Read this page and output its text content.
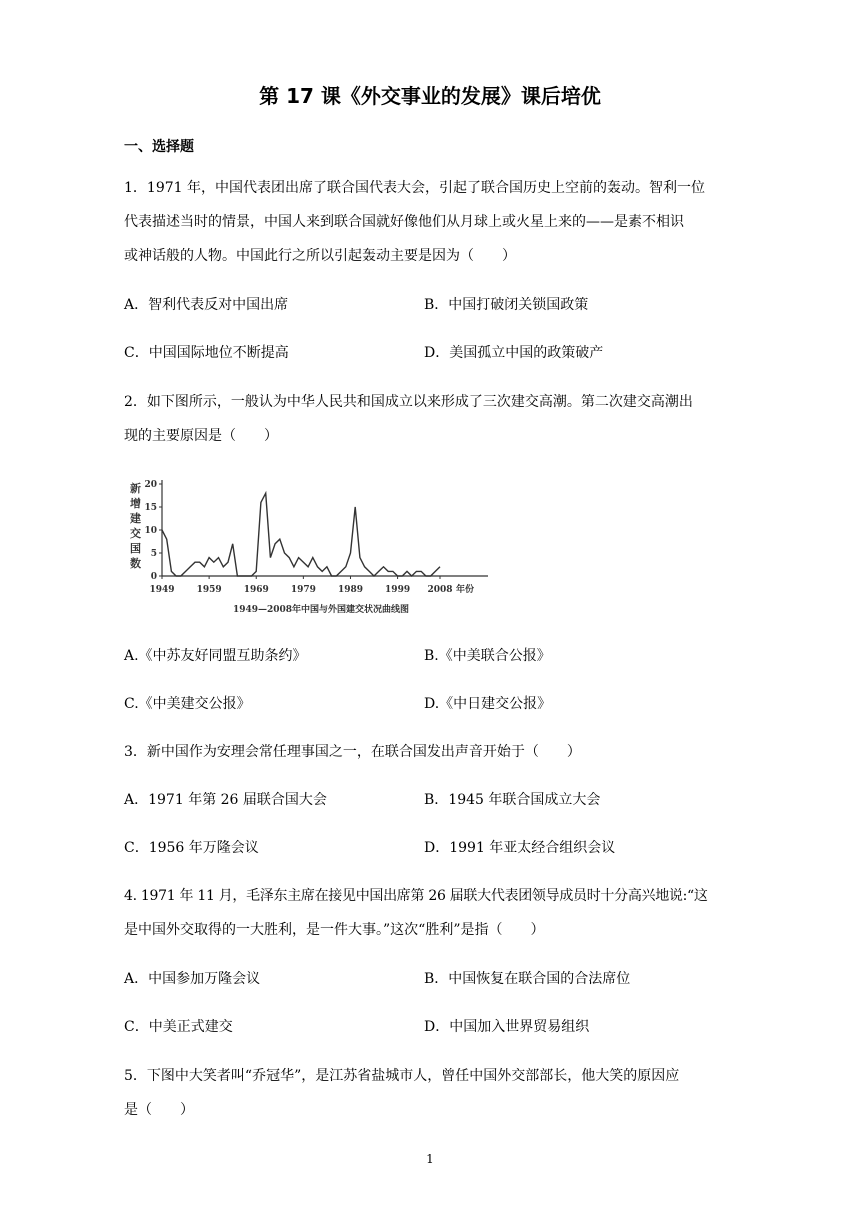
第 17 课《外交事业的发展》课后培优
一、选择题
1．1971 年，中国代表团出席了联合国代表大会，引起了联合国历史上空前的轰动。智利一位
代表描述当时的情景，中国人来到联合国就好像他们从月球上或火星上来的——是素不相识
或神话般的人物。中国此行之所以引起轰动主要是因为（　　）
A．智利代表反对中国出席	B．中国打破闭关锁国政策
C．中国国际地位不断提高	D．美国孤立中国的政策破产
2．如下图所示，一般认为中华人民共和国成立以来形成了三次建交高潮。第二次建交高潮出
现的主要原因是（　　）
新
增
建
交
国
数
20
15
10
5
0
1949 1959 1969 1979 1989 1999 2008 年份
1949—2008年中国与外国建交状况曲线图
A.《中苏友好同盟互助条约》	B.《中美联合公报》
C.《中美建交公报》	D.《中日建交公报》
3．新中国作为安理会常任理事国之一，在联合国发出声音开始于（　　）
A．1971 年第 26 届联合国大会	B．1945 年联合国成立大会
C．1956 年万隆会议	D．1991 年亚太经合组织会议
4. 1971 年 11 月，毛泽东主席在接见中国出席第 26 届联大代表团领导成员时十分高兴地说:“这
是中国外交取得的一大胜利，是一件大事。”这次“胜利”是指（　　）
A．中国参加万隆会议	B．中国恢复在联合国的合法席位
C．中美正式建交	D．中国加入世界贸易组织
5．下图中大笑者叫“乔冠华”，是江苏省盐城市人，曾任中国外交部部长，他大笑的原因应
是（　　）
1
